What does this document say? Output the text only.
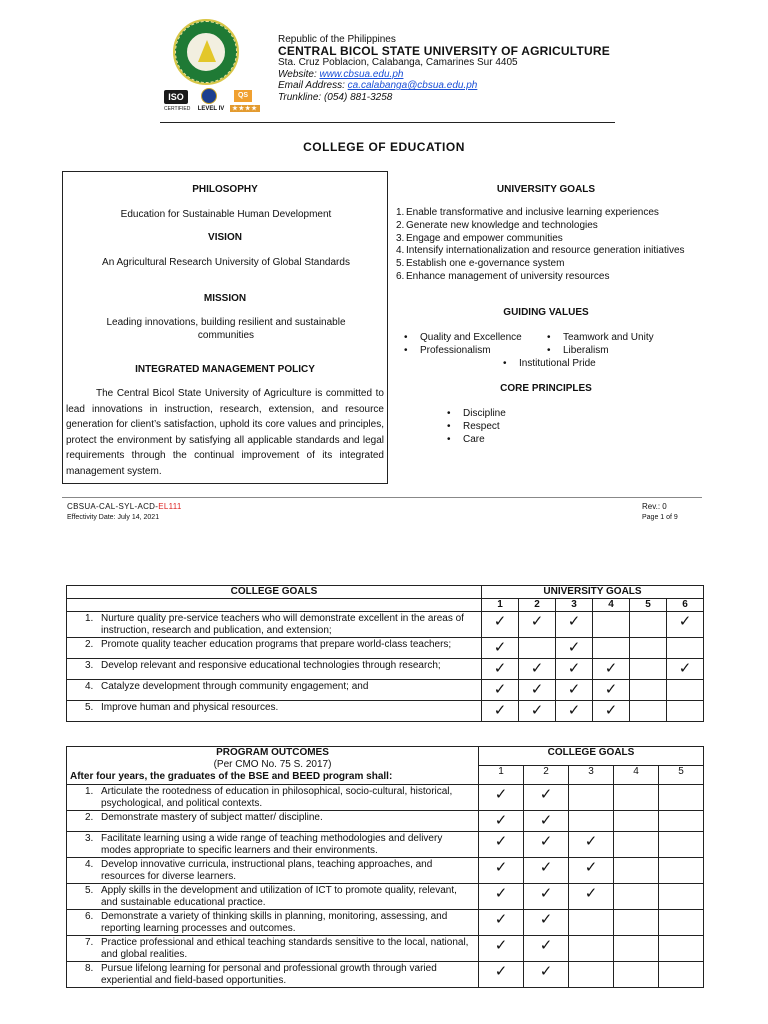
ISO
CERTIFIED LEVEL IV
QS
★★★★
Republic of the Philippines
CENTRAL BICOL STATE UNIVERSITY OF AGRICULTURE
Sta. Cruz Poblacion, Calabanga, Camarines Sur 4405
Website: www.cbsua.edu.ph
Email Address: ca.calabanga@cbsua.edu.ph
Trunkline: (054) 881-3258
COLLEGE OF EDUCATION
PHILOSOPHY
Education for Sustainable Human Development
VISION
An Agricultural Research University of Global Standards
MISSION
Leading innovations, building resilient and sustainable communities
INTEGRATED MANAGEMENT POLICY
The Central Bicol State University of Agriculture is committed to lead innovations in instruction, research, extension, and resource generation for client’s satisfaction, uphold its core values and principles, protect the environment by satisfying all applicable standards and legal requirements through the continual improvement of its integrated management system.
UNIVERSITY GOALS
1. Enable transformative and inclusive learning experiences
2. Generate new knowledge and technologies
3. Engage and empower communities
4. Intensify internationalization and resource generation initiatives
5. Establish one e-governance system
6. Enhance management of university resources
GUIDING VALUES
• Quality and Excellence	• Teamwork and Unity
• Professionalism	• Liberalism
• Institutional Pride
CORE PRINCIPLES
• Discipline
• Respect
• Care
CBSUA-CAL-SYL-ACD-EL111
Effectivity Date: July 14, 2021
Rev.: 0
Page 1 of 9
COLLEGE GOALS	UNIVERSITY GOALS					
	1	2	3	4	5	6

1. Nurture quality pre-service teachers who will demonstrate excellent in the areas of instruction, research and publication, and extension;	✓	✓	✓			✓

2. Promote quality teacher education programs that prepare world-class teachers;	✓		✓			

3. Develop relevant and responsive educational technologies through research;	✓	✓	✓	✓		✓

4. Catalyze development through community engagement; and	✓	✓	✓	✓		

5. Improve human and physical resources.	✓	✓	✓	✓		
PROGRAM OUTCOMES
(Per CMO No. 75 S. 2017)
After four years, the graduates of the BSE and BEED program shall:	COLLEGE GOALS				
	1	2	3	4	5

1. Articulate the rootedness of education in philosophical, socio-cultural, historical, psychological, and political contexts.	✓	✓			

2. Demonstrate mastery of subject matter/ discipline.	✓	✓			

3. Facilitate learning using a wide range of teaching methodologies and delivery modes appropriate to specific learners and their environments.	✓	✓	✓		

4. Develop innovative curricula, instructional plans, teaching approaches, and resources for diverse learners.	✓	✓	✓		

5. Apply skills in the development and utilization of ICT to promote quality, relevant, and sustainable educational practice.	✓	✓	✓		

6. Demonstrate a variety of thinking skills in planning, monitoring, assessing, and reporting learning processes and outcomes.	✓	✓			

7. Practice professional and ethical teaching standards sensitive to the local, national, and global realities.	✓	✓			

8. Pursue lifelong learning for personal and professional growth through varied experiential and field-based opportunities.	✓	✓			
